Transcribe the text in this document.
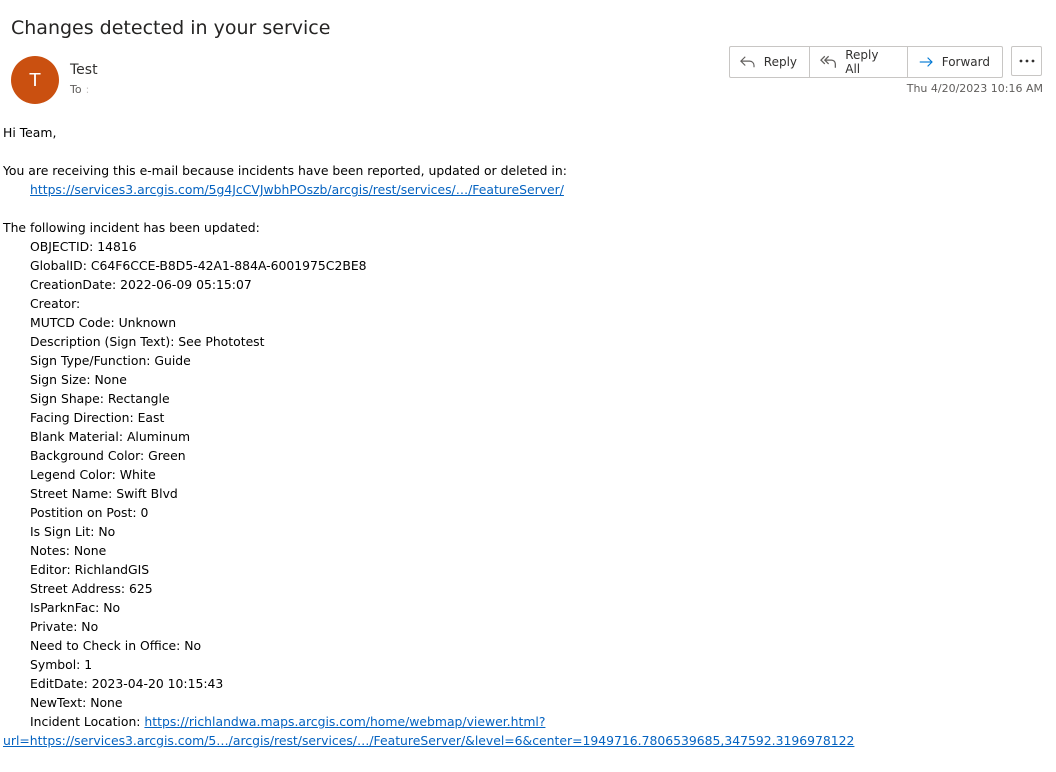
Changes detected in your service
T Test
To :
Reply	Reply All	Forward
Thu 4/20/2023 10:16 AM

Hi Team,

You are receiving this e-mail because incidents have been reported, updated or deleted in:

https://services3.arcgis.com/5g4JcCVJwbhPOszb/arcgis/rest/services/…/FeatureServer/

The following incident has been updated:

OBJECTID: 14816

GlobalID: C64F6CCE-B8D5-42A1-884A-6001975C2BE8

CreationDate: 2022-06-09 05:15:07

Creator:

MUTCD Code: Unknown

Description (Sign Text): See Phototest

Sign Type/Function: Guide

Sign Size: None

Sign Shape: Rectangle

Facing Direction: East

Blank Material: Aluminum

Background Color: Green

Legend Color: White

Street Name: Swift Blvd

Postition on Post: 0

Is Sign Lit: No

Notes: None

Editor: RichlandGIS

Street Address: 625

IsParknFac: No

Private: No

Need to Check in Office: No

Symbol: 1

EditDate: 2023-04-20 10:15:43

NewText: None

Incident Location: https://richlandwa.maps.arcgis.com/home/webmap/viewer.html?

url=https://services3.arcgis.com/5…/arcgis/rest/services/…/FeatureServer/&level=6&center=1949716.7806539685,347592.3196978122
